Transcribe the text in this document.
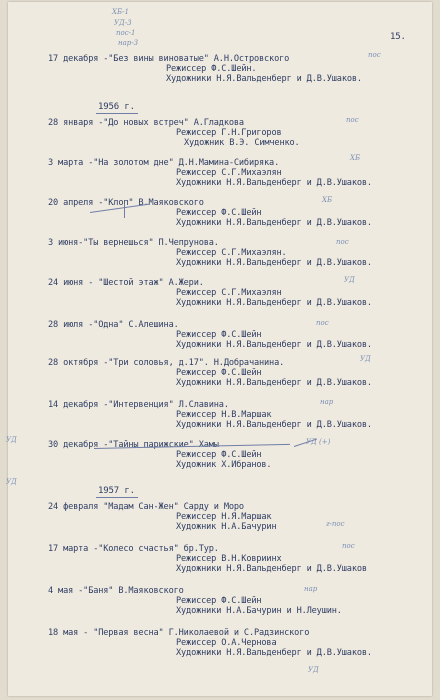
ХБ-1
УД-3
пос-1
нар-3
15.
17 декабря -"Без вины виноватые" А.Н.Островского
Режиссер Ф.С.Шейн.
Художники Н.Я.Вальденберг и Д.В.Ушаков.
пос
1956 г.
28 января -"До новых встреч" А.Гладкова
Режиссер Г.Н.Григоров
Художник В.Э. Симченко.
пос
3 марта -"На золотом дне" Д.Н.Мамина-Сибиряка.
Режиссер С.Г.Михаэлян
Художники Н.Я.Вальденберг и Д.В.Ушаков.
ХБ
20 апреля -"Клоп" В.Маяковского
Режиссер Ф.С.Шейн
Художники Н.Я.Вальденберг и Д.В.Ушаков.
ХБ
3 июня-"Ты вернешься" П.Чепрунова.
Режиссер С.Г.Михаэлян.
Художники Н.Я.Вальденберг и Д.В.Ушаков.
пос
24 июня - "Шестой этаж" А.Жери.
Режиссер С.Г.Михаэлян
Художники Н.Я.Вальденберг и Д.В.Ушаков.
УД
28 июля -"Одна" С.Алешина.
Режиссер Ф.С.Шейн
Художники Н.Я.Вальденберг и Д.В.Ушаков.
пос
28 октября -"Три соловья, д.17". Н.Добрачанина.
Режиссер Ф.С.Шейн
Художники Н.Я.Вальденберг и Д.В.Ушаков.
УД
14 декабря -"Интервенция" Л.Славина.
Режиссер Н.В.Маршак
Художники Н.Я.Вальденберг и Д.В.Ушаков.
нар
30 декабря -"Тайны парижские" Хамы
Режиссер Ф.С.Шейн
Художник Х.Ибранов.
УД (+)
1957 г.
24 февраля "Мадам Сан-Жен" Сарду и Моро
Режиссер Н.Я.Маршак
Художник Н.А.Бачурин	г-пос
17 марта -"Колесо счастья" бр.Тур.
Режиссер В.Н.Ковриинх
Художники Н.Я.Вальденберг и Д.В.Ушаков
пос
4 мая -"Баня" В.Маяковского
Режиссер Ф.С.Шейн
Художники Н.А.Бачурин и Н.Леушин.
нар
18 мая - "Первая весна" Г.Николаевой и С.Радзинского
Режиссер О.А.Чернова
Художники Н.Я.Вальденберг и Д.В.Ушаков.
УД
УД
УД
